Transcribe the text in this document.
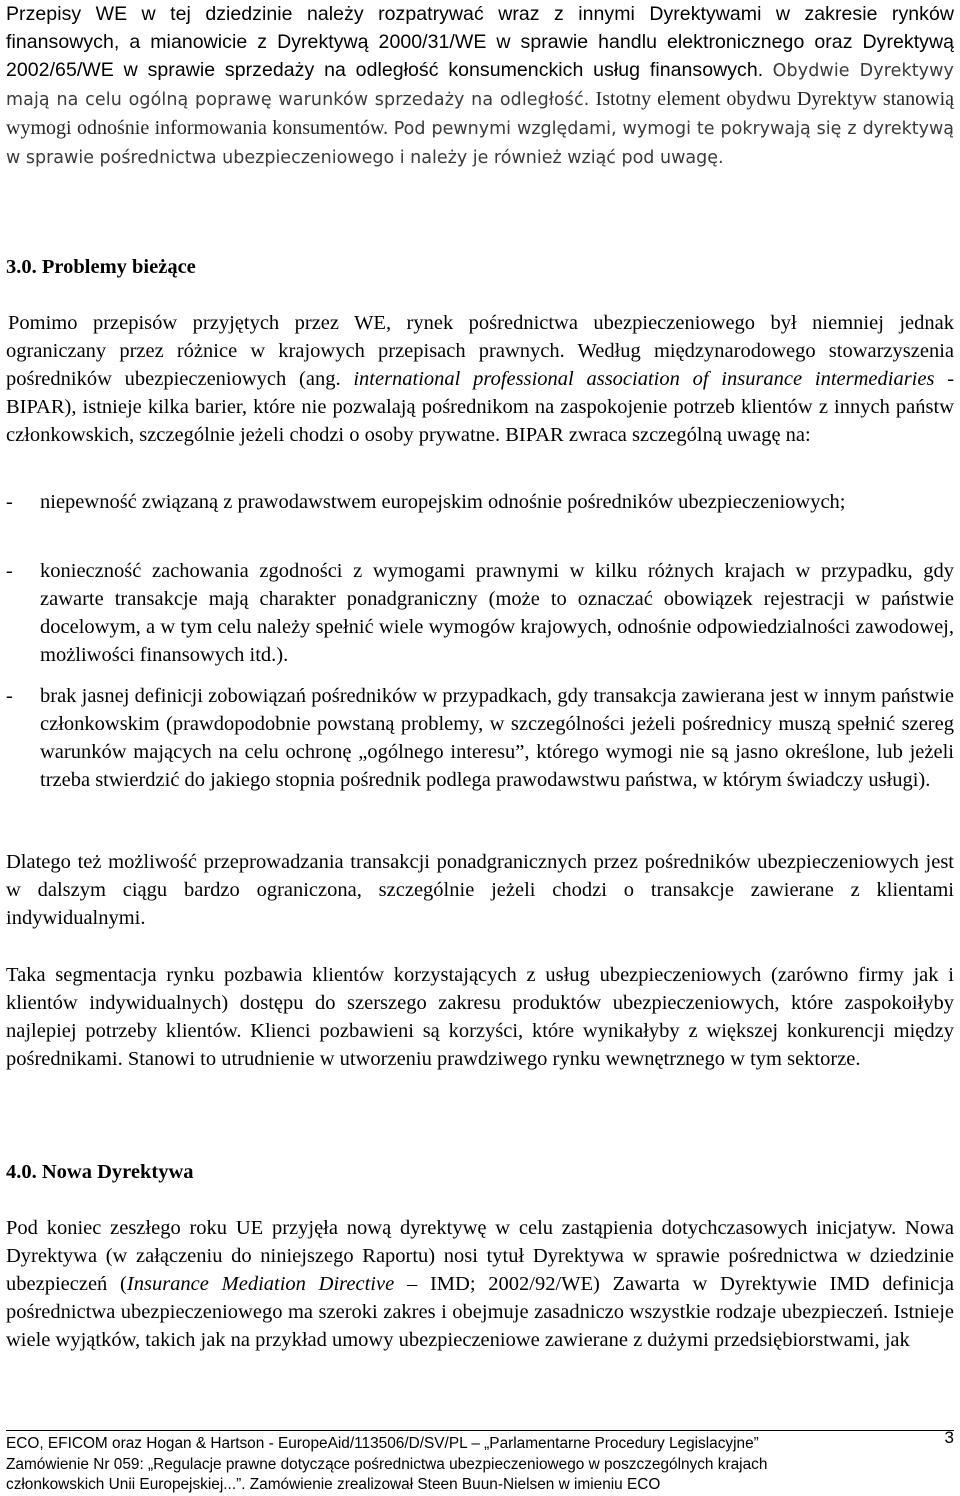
Przepisy WE w tej dziedzinie należy rozpatrywać wraz z innymi Dyrektywami w zakresie rynków finansowych, a mianowicie z Dyrektywą 2000/31/WE w sprawie handlu elektronicznego oraz Dyrektywą 2002/65/WE w sprawie sprzedaży na odległość konsumenckich usług finansowych. Obydwie Dyrektywy mają na celu ogólną poprawę warunków sprzedaży na odległość. Istotny element obydwu Dyrektyw stanowią wymogi odnośnie informowania konsumentów. Pod pewnymi względami, wymogi te pokrywają się z dyrektywą w sprawie pośrednictwa ubezpieczeniowego i należy je również wziąć pod uwagę.

3.0. Problemy bieżące

Pomimo przepisów przyjętych przez WE, rynek pośrednictwa ubezpieczeniowego był niemniej jednak ograniczany przez różnice w krajowych przepisach prawnych. Według międzynarodowego stowarzyszenia pośredników ubezpieczeniowych (ang. international professional association of insurance intermediaries - BIPAR), istnieje kilka barier, które nie pozwalają pośrednikom na zaspokojenie potrzeb klientów z innych państw członkowskich, szczególnie jeżeli chodzi o osoby prywatne. BIPAR zwraca szczególną uwagę na:

- niepewność związaną z prawodawstwem europejskim odnośnie pośredników ubezpieczeniowych;
- konieczność zachowania zgodności z wymogami prawnymi w kilku różnych krajach w przypadku, gdy zawarte transakcje mają charakter ponadgraniczny (może to oznaczać obowiązek rejestracji w państwie docelowym, a w tym celu należy spełnić wiele wymogów krajowych, odnośnie odpowiedzialności zawodowej, możliwości finansowych itd.).
- brak jasnej definicji zobowiązań pośredników w przypadkach, gdy transakcja zawierana jest w innym państwie członkowskim (prawdopodobnie powstaną problemy, w szczególności jeżeli pośrednicy muszą spełnić szereg warunków mających na celu ochronę „ogólnego interesu”, którego wymogi nie są jasno określone, lub jeżeli trzeba stwierdzić do jakiego stopnia pośrednik podlega prawodawstwu państwa, w którym świadczy usługi).

Dlatego też możliwość przeprowadzania transakcji ponadgranicznych przez pośredników ubezpieczeniowych jest w dalszym ciągu bardzo ograniczona, szczególnie jeżeli chodzi o transakcje zawierane z klientami indywidualnymi.

Taka segmentacja rynku pozbawia klientów korzystających z usług ubezpieczeniowych (zarówno firmy jak i klientów indywidualnych) dostępu do szerszego zakresu produktów ubezpieczeniowych, które zaspokoiłyby najlepiej potrzeby klientów. Klienci pozbawieni są korzyści, które wynikałyby z większej konkurencji między pośrednikami. Stanowi to utrudnienie w utworzeniu prawdziwego rynku wewnętrznego w tym sektorze.

4.0. Nowa Dyrektywa

Pod koniec zeszłego roku UE przyjęła nową dyrektywę w celu zastąpienia dotychczasowych inicjatyw. Nowa Dyrektywa (w załączeniu do niniejszego Raportu) nosi tytuł Dyrektywa w sprawie pośrednictwa w dziedzinie ubezpieczeń (Insurance Mediation Directive – IMD; 2002/92/WE) Zawarta w Dyrektywie IMD definicja pośrednictwa ubezpieczeniowego ma szeroki zakres i obejmuje zasadniczo wszystkie rodzaje ubezpieczeń. Istnieje wiele wyjątków, takich jak na przykład umowy ubezpieczeniowe zawierane z dużymi przedsiębiorstwami, jak

ECO, EFICOM oraz Hogan & Hartson - EuropeAid/113506/D/SV/PL – „Parlamentarne Procedury Legislacyjne”	3
Zamówienie Nr 059: „Regulacje prawne dotyczące pośrednictwa ubezpieczeniowego w poszczególnych krajach
członkowskich Unii Europejskiej...”. Zamówienie zrealizował Steen Buun-Nielsen w imieniu ECO
